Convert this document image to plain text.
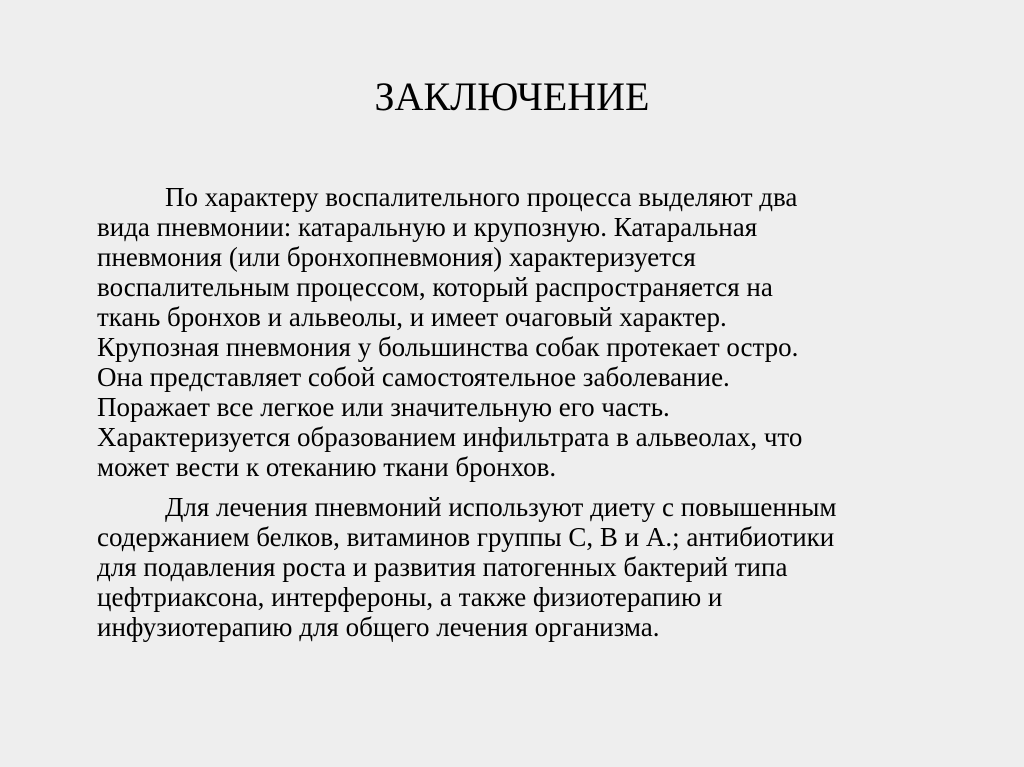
ЗАКЛЮЧЕНИЕ
По характеру воспалительного процесса выделяют два
вида пневмонии: катаральную и крупозную. Катаральная
пневмония (или бронхопневмония) характеризуется
воспалительным процессом, который распространяется на
ткань бронхов и альвеолы, и имеет очаговый характер.
Крупозная пневмония у большинства собак протекает остро.
Она представляет собой самостоятельное заболевание.
Поражает все легкое или значительную его часть.
Характеризуется образованием инфильтрата в альвеолах, что
может вести к отеканию ткани бронхов.
Для лечения пневмоний используют диету с повышенным
содержанием белков, витаминов группы С, В и А.; антибиотики
для подавления роста и развития патогенных бактерий типа
цефтриаксона, интерфероны, а также физиотерапию и
инфузиотерапию для общего лечения организма.
